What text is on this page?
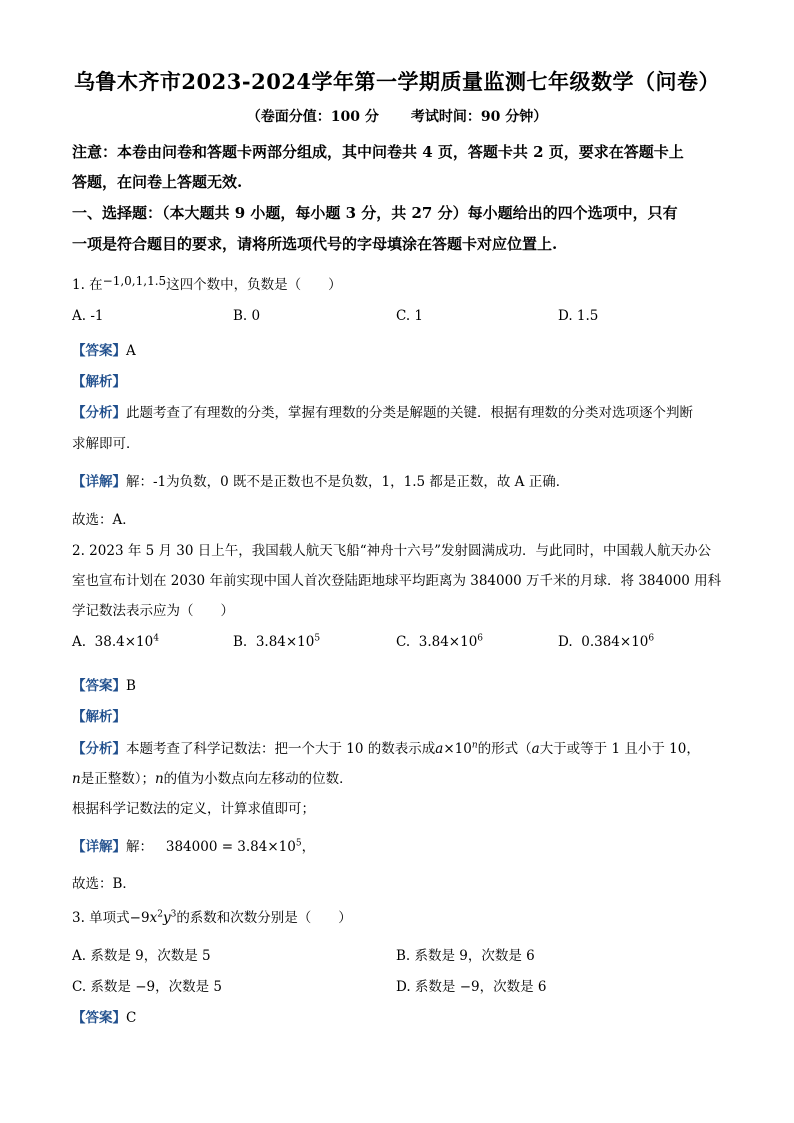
乌鲁木齐市2023-2024学年第一学期质量监测七年级数学（问卷）
（卷面分值：100 分 考试时间：90 分钟）
注意：本卷由问卷和答题卡两部分组成，其中问卷共 4 页，答题卡共 2 页，要求在答题卡上
答题，在问卷上答题无效.
一、选择题：（本大题共 9 小题，每小题 3 分，共 27 分）每小题给出的四个选项中，只有
一项是符合题目的要求，请将所选项代号的字母填涂在答题卡对应位置上.
1. 在−1,0,1,1.5这四个数中，负数是（　　）
A. -1	B. 0	C. 1	D. 1.5
【答案】A
【解析】
【分析】此题考查了有理数的分类，掌握有理数的分类是解题的关键．根据有理数的分类对选项逐个判断
求解即可．
【详解】解：-1为负数，0 既不是正数也不是负数，1，1.5 都是正数，故 A 正确．
故选：A．
2. 2023 年 5 月 30 日上午，我国载人航天飞船“神舟十六号”发射圆满成功．与此同时，中国载人航天办公
室也宣布计划在 2030 年前实现中国人首次登陆距地球平均距离为 384000 万千米的月球．将 384000 用科
学记数法表示应为（　　）
A. $38.4\times 10^4$	B. $3.84\times 10^5$	C. $3.84\times 10^6$	D. $0.384\times 10^6$
【答案】B
【解析】
【分析】本题考查了科学记数法：把一个大于 10 的数表示成$a\times 10^n$的形式（a大于或等于 1 且小于 10，
n是正整数）；n的值为小数点向左移动的位数．
根据科学记数法的定义，计算求值即可；
【详解】解： $384000 = 3.84\times 10^5$，
故选：B．
3. 单项式$-9x^2y^3$的系数和次数分别是（　　）
A. 系数是 9，次数是 5	B. 系数是 9，次数是 6
C. 系数是 −9，次数是 5	D. 系数是 −9，次数是 6
【答案】C
